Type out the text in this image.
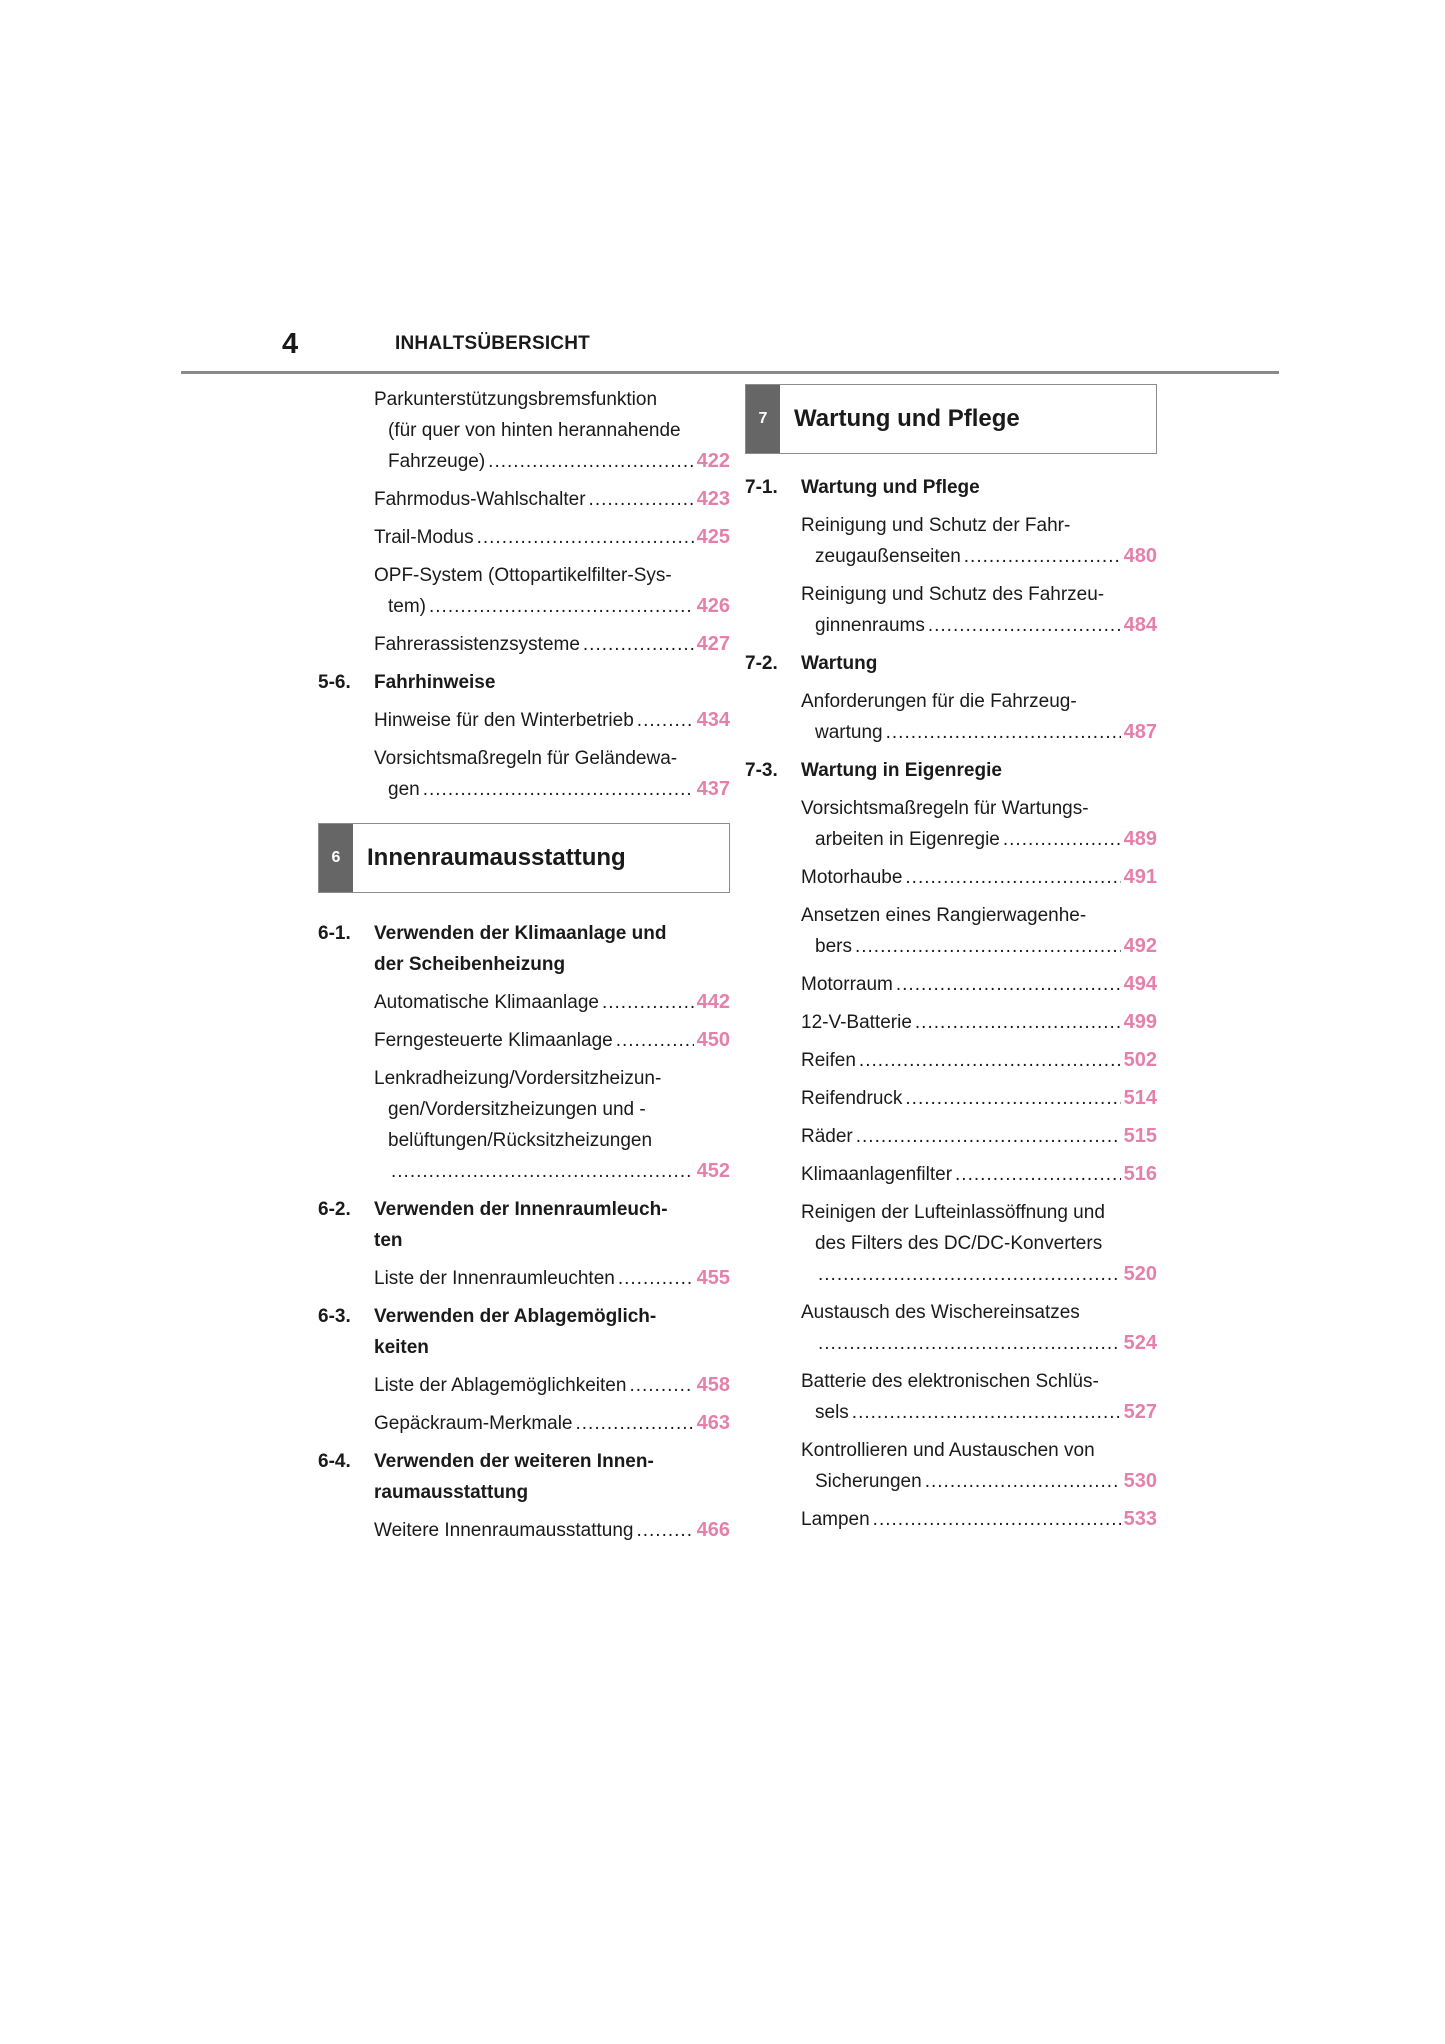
4	INHALTSÜBERSICHT
Parkunterstützungsbremsfunktion
(für quer von hinten herannahende
Fahrzeuge) .....	422
Fahrmodus-Wahlschalter .....	423
Trail-Modus .....	425
OPF-System (Ottopartikelfilter-Sys-
tem) .....	426
Fahrerassistenzsysteme .....	427
5-6.	Fahrhinweise
Hinweise für den Winterbetrieb .....	434
Vorsichtsmaßregeln für Geländewa-
gen .....	437
6	Innenraumausstattung
6-1.	Verwenden der Klimaanlage und
der Scheibenheizung
Automatische Klimaanlage .....	442
Ferngesteuerte Klimaanlage .....	450
Lenkradheizung/Vordersitzheizun-
gen/Vordersitzheizungen und -
belüftungen/Rücksitzheizungen
.....
452
6-2.	Verwenden der Innenraumleuch-
ten
Liste der Innenraumleuchten .....	455
6-3.	Verwenden der Ablagemöglich-
keiten
Liste der Ablagemöglichkeiten .....	458
Gepäckraum-Merkmale .....	463
6-4.	Verwenden der weiteren Innen-
raumausstattung
Weitere Innenraumausstattung .....	466
7	Wartung und Pflege
7-1.	Wartung und Pflege
Reinigung und Schutz der Fahr-
zeugaußenseiten .....	480
Reinigung und Schutz des Fahrzeu-
ginnenraums .....	484
7-2.	Wartung
Anforderungen für die Fahrzeug-
wartung .....	487
7-3.	Wartung in Eigenregie
Vorsichtsmaßregeln für Wartungs-
arbeiten in Eigenregie .....	489
Motorhaube .....	491
Ansetzen eines Rangierwagenhe-
bers .....	492
Motorraum .....	494
12-V-Batterie .....	499
Reifen .....	502
Reifendruck .....	514
Räder .....	515
Klimaanlagenfilter .....	516
Reinigen der Lufteinlassöffnung und
des Filters des DC/DC-Konverters
.....
520
Austausch des Wischereinsatzes
.....
524
Batterie des elektronischen Schlüs-
sels .....	527
Kontrollieren und Austauschen von
Sicherungen .....	530
Lampen .....	533
